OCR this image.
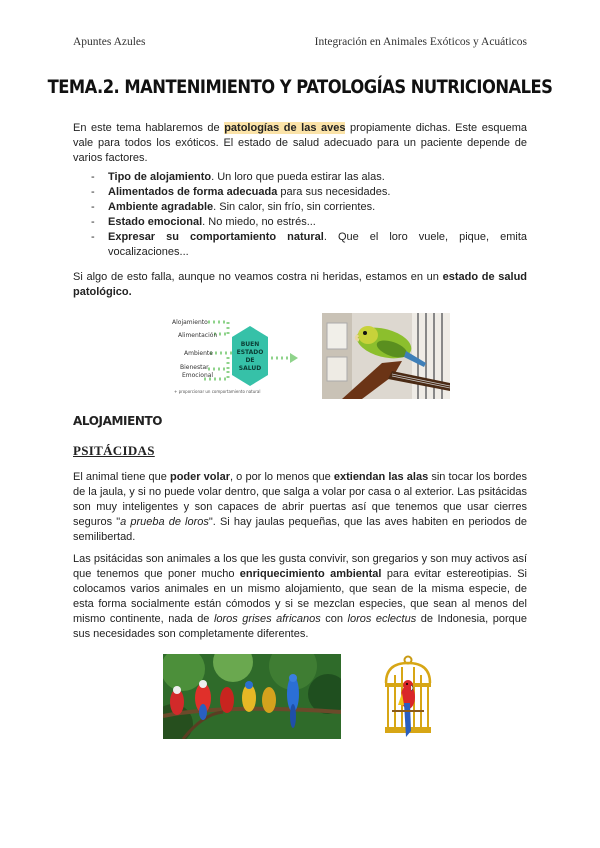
Apuntes Azules	Integración en Animales Exóticos y Acuáticos
TEMA.2. MANTENIMIENTO Y PATOLOGÍAS NUTRICIONALES
En este tema hablaremos de patologías de las aves propiamente dichas. Este esquema vale para todos los exóticos. El estado de salud adecuado para un paciente depende de varios factores.
- Tipo de alojamiento. Un loro que pueda estirar las alas.
- Alimentados de forma adecuada para sus necesidades.
- Ambiente agradable. Sin calor, sin frío, sin corrientes.
- Estado emocional. No miedo, no estrés...
- Expresar su comportamiento natural. Que el loro vuele, pique, emita vocalizaciones...
Si algo de esto falla, aunque no veamos costra ni heridas, estamos en un estado de salud patológico.
BUEN
ESTADO
DE
SALUD
Alojamiento
Alimentación
Ambiente
Bienestar
Emocional
+ proporcionar un comportamiento natural
ALOJAMIENTO
PSITÁCIDAS
El animal tiene que poder volar, o por lo menos que extiendan las alas sin tocar los bordes de la jaula, y si no puede volar dentro, que salga a volar por casa o al exterior. Las psitácidas son muy inteligentes y son capaces de abrir puertas así que tenemos que usar cierres seguros "a prueba de loros". Si hay jaulas pequeñas, que las aves habiten en periodos de semilibertad.
Las psitácidas son animales a los que les gusta convivir, son gregarios y son muy activos así que tenemos que poner mucho enriquecimiento ambiental para evitar estereotipias. Si colocamos varios animales en un mismo alojamiento, que sean de la misma especie, de esta forma socialmente están cómodos y si se mezclan especies, que sean al menos del mismo continente, nada de loros grises africanos con loros eclectus de Indonesia, porque sus necesidades son completamente diferentes.
